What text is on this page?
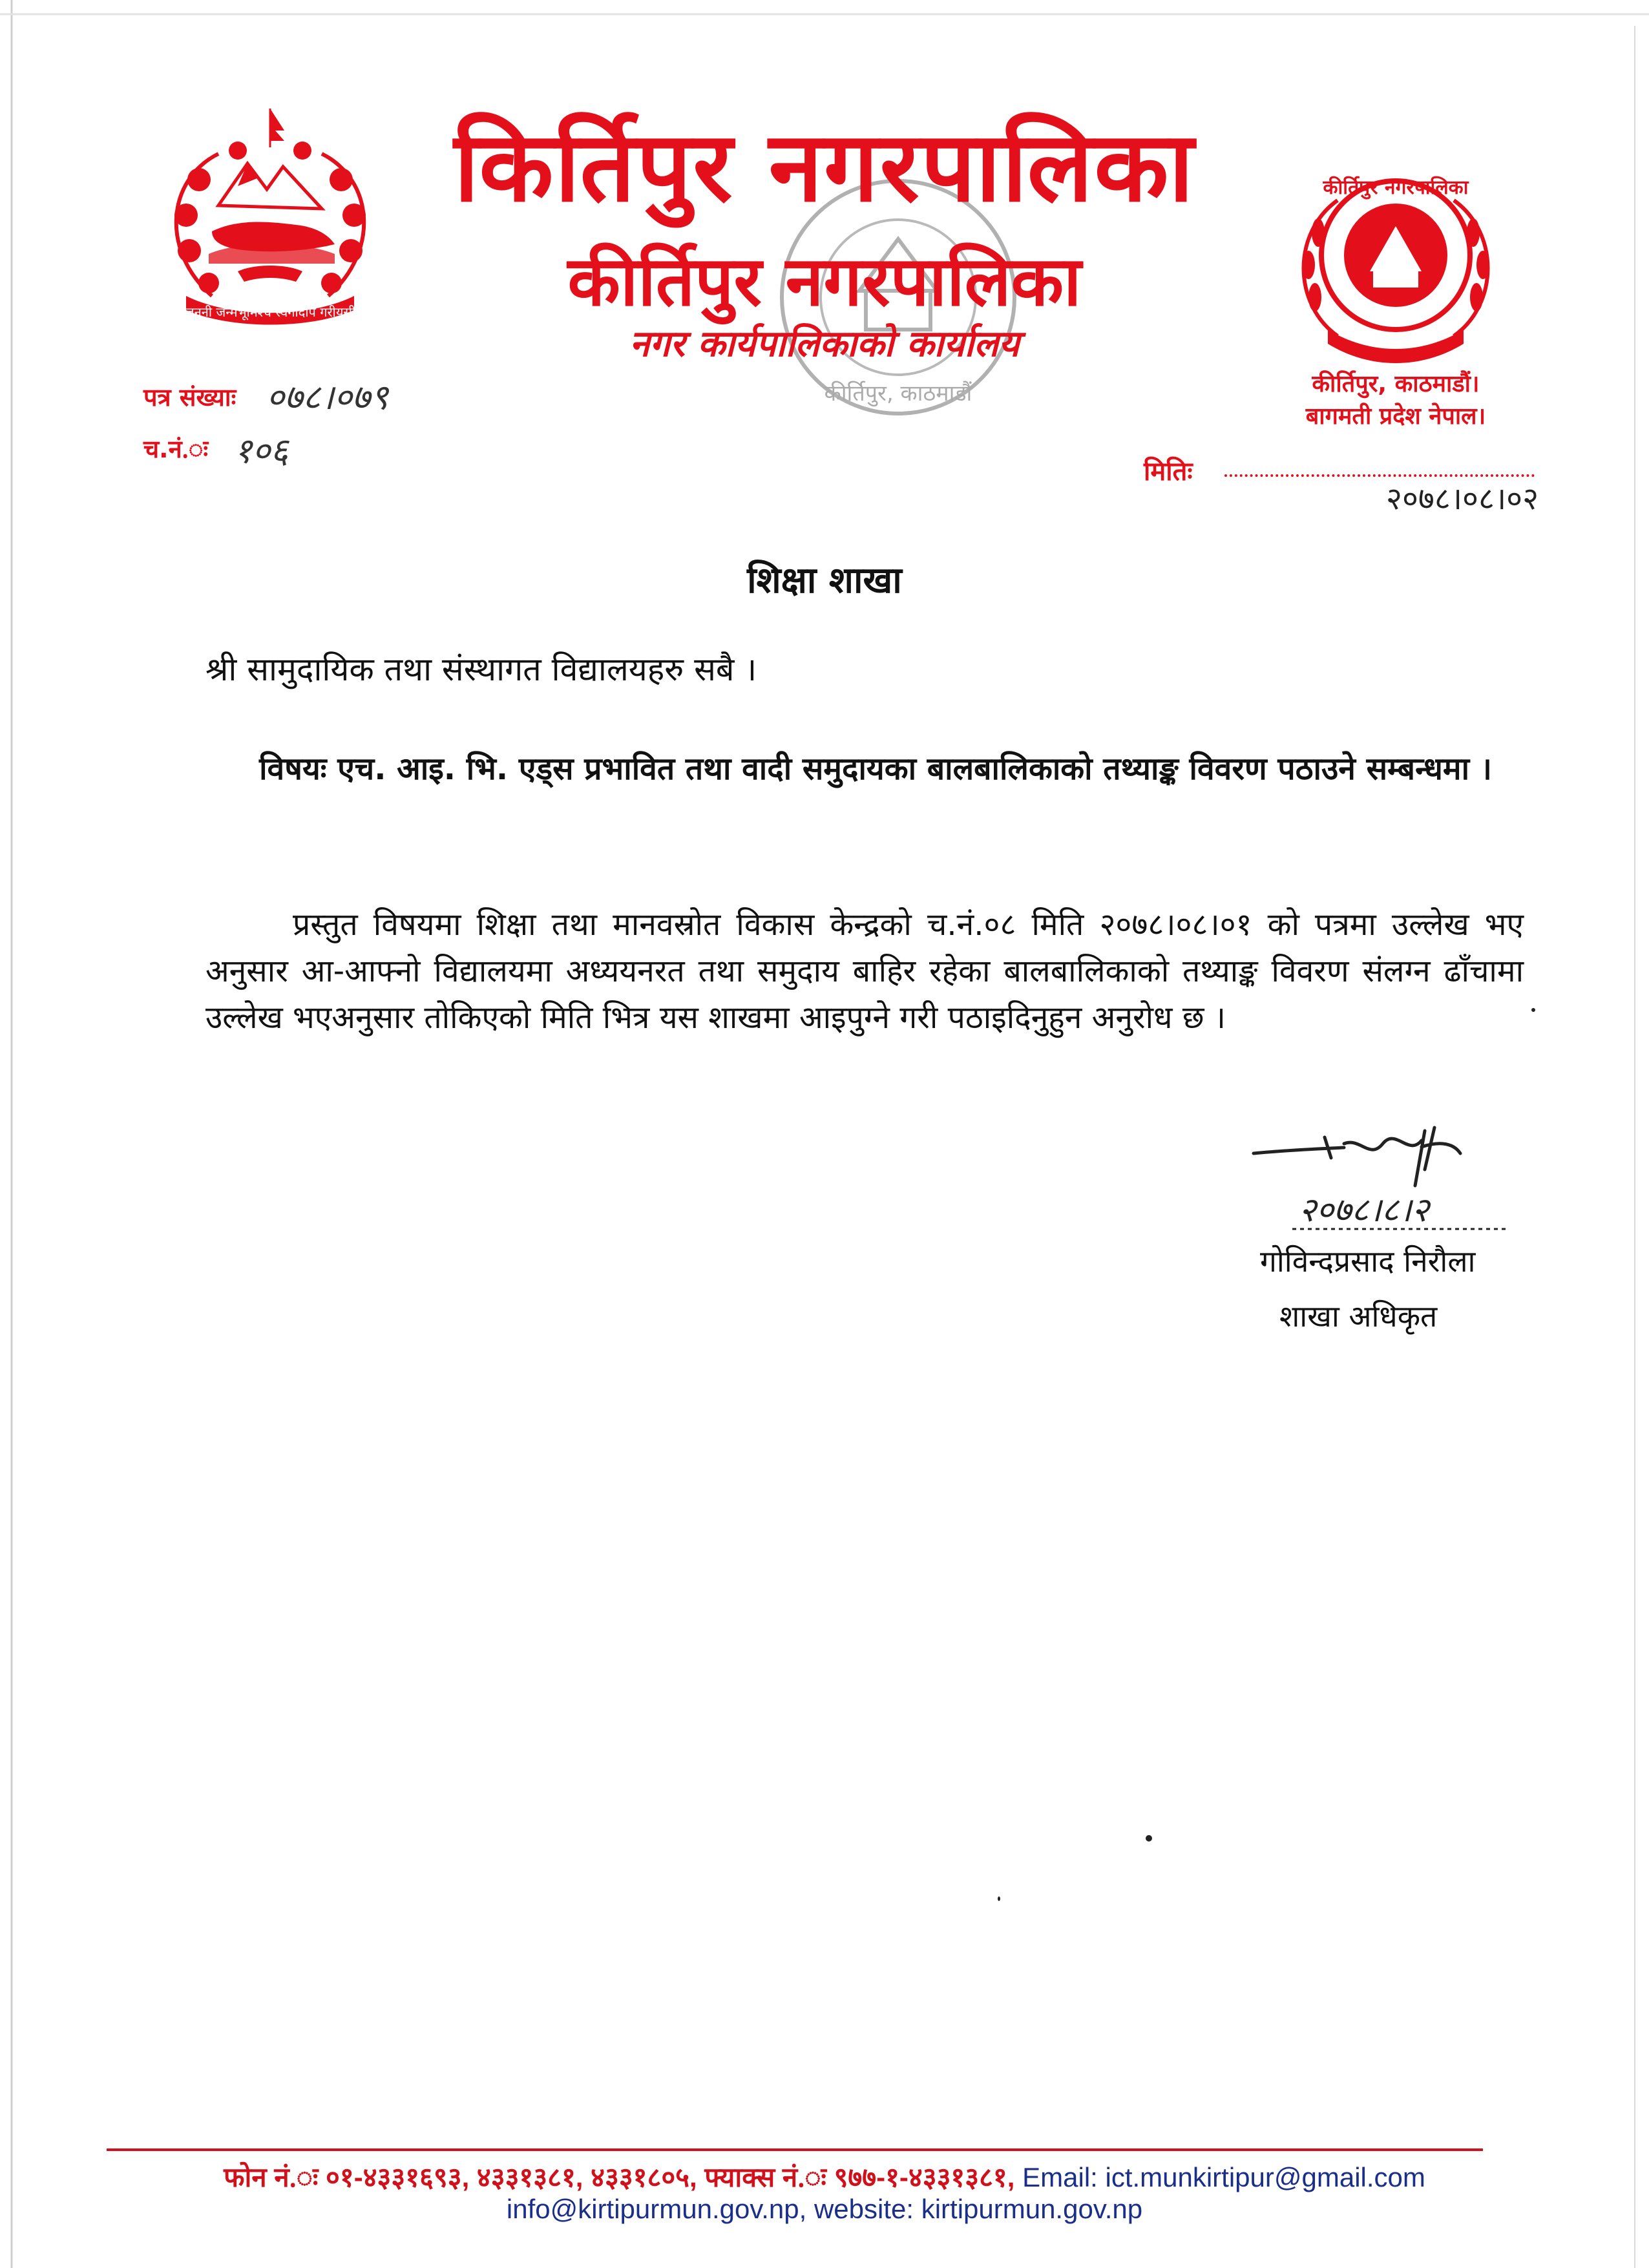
जननी जन्मभूमिश्च स्वर्गादपि गरीयसी
कीर्तिपुर, काठमाडौं
किर्तिपुर नगरपालिका
कीर्तिपुर नगरपालिका
नगर कार्यपालिकाको कार्यालय
कीर्तिपुर नगरपालिका
कीर्तिपुर, काठमाडौं।
बागमती प्रदेश नेपाल।
पत्र संख्याः ०७८।०७९
च.नं.ः १०६
मितिः
२०७८।०८।०२
शिक्षा शाखा
श्री सामुदायिक तथा संस्थागत विद्यालयहरु सबै ।
विषयः एच. आइ. भि. एड्स प्रभावित तथा वादी समुदायका बालबालिकाको तथ्याङ्क विवरण पठाउने सम्बन्धमा ।
प्रस्तुत विषयमा शिक्षा तथा मानवस्रोत विकास केन्द्रको च.नं.०८ मिति २०७८।०८।०१ को पत्रमा उल्लेख भए अनुसार आ-आफ्नो विद्यालयमा अध्ययनरत तथा समुदाय बाहिर रहेका बालबालिकाको तथ्याङ्क विवरण संलग्न ढाँचामा उल्लेख भएअनुसार तोकिएको मिति भित्र यस शाखमा आइपुग्ने गरी पठाइदिनुहुन अनुरोध छ ।
२०७८।८।२
गोविन्दप्रसाद निरौला
शाखा अधिकृत
फोन नं.ः ०१-४३३१६९३, ४३३१३८१, ४३३१८०५, फ्याक्स नं.ः ९७७-१-४३३१३८१, Email: ict.munkirtipur@gmail.com
info@kirtipurmun.gov.np, website: kirtipurmun.gov.np
